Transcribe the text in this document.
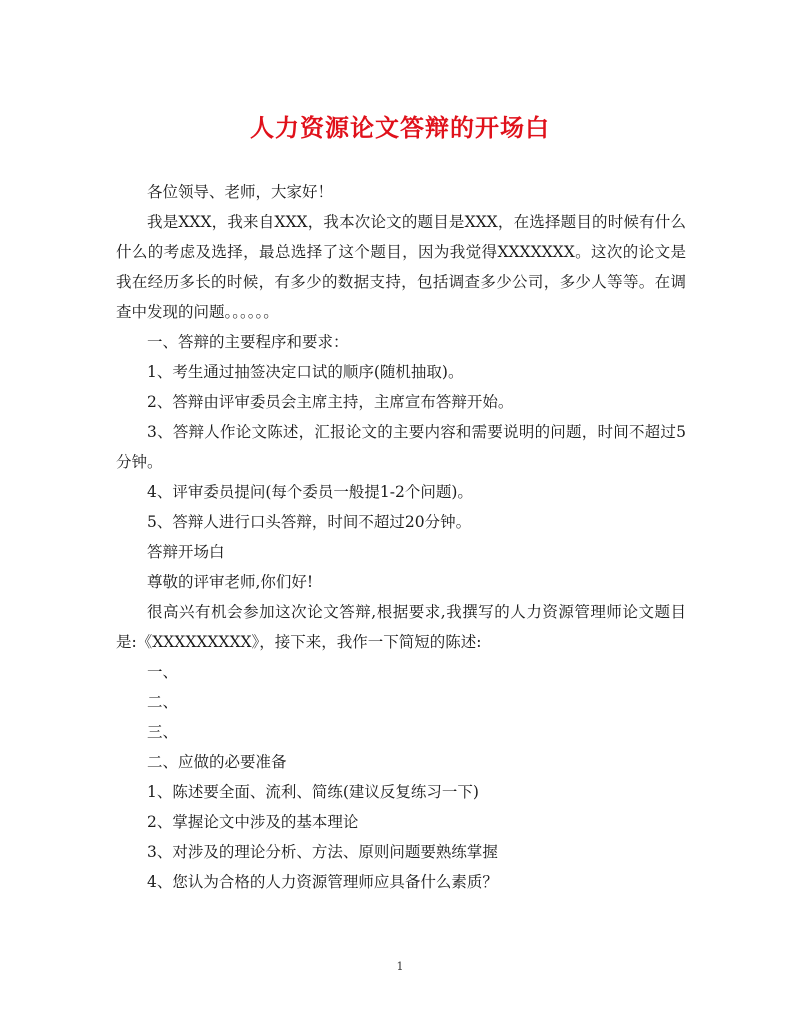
人力资源论文答辩的开场白

各位领导、老师，大家好！

我是XXX，我来自XXX，我本次论文的题目是XXX，在选择题目的时候有什么什么的考虑及选择，最总选择了这个题目，因为我觉得XXXXXXX。这次的论文是我在经历多长的时候，有多少的数据支持，包括调查多少公司，多少人等等。在调查中发现的问题。。。。。。

一、答辩的主要程序和要求：

1、考生通过抽签决定口试的顺序(随机抽取)。

2、答辩由评审委员会主席主持，主席宣布答辩开始。

3、答辩人作论文陈述，汇报论文的主要内容和需要说明的问题，时间不超过5分钟。

4、评审委员提问(每个委员一般提1-2个问题)。

5、答辩人进行口头答辩，时间不超过20分钟。

答辩开场白

尊敬的评审老师,你们好!

很高兴有机会参加这次论文答辩,根据要求,我撰写的人力资源管理师论文题目是:《XXXXXXXXX》，接下来，我作一下简短的陈述:

一、

二、

三、

二、应做的必要准备

1、陈述要全面、流利、简练(建议反复练习一下)

2、掌握论文中涉及的基本理论

3、对涉及的理论分析、方法、原则问题要熟练掌握

4、您认为合格的人力资源管理师应具备什么素质？

1
